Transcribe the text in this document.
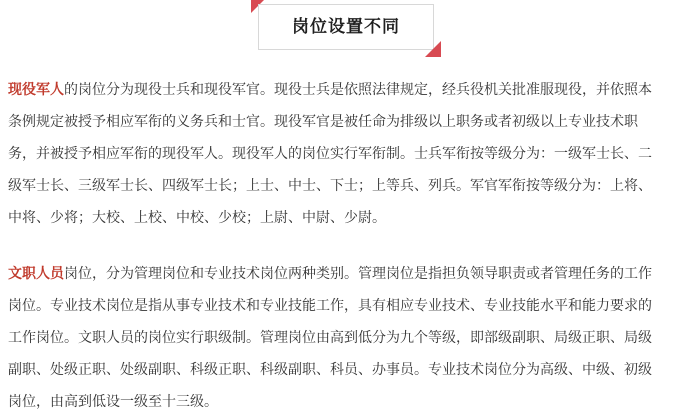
岗位设置不同
现役军人的岗位分为现役士兵和现役军官。现役士兵是依照法律规定，经兵役机关批准服现役，并依照本
条例规定被授予相应军衔的义务兵和士官。现役军官是被任命为排级以上职务或者初级以上专业技术职
务，并被授予相应军衔的现役军人。现役军人的岗位实行军衔制。士兵军衔按等级分为：一级军士长、二
级军士长、三级军士长、四级军士长；上士、中士、下士；上等兵、列兵。军官军衔按等级分为：上将、
中将、少将；大校、上校、中校、少校；上尉、中尉、少尉。
文职人员岗位，分为管理岗位和专业技术岗位两种类别。管理岗位是指担负领导职责或者管理任务的工作
岗位。专业技术岗位是指从事专业技术和专业技能工作，具有相应专业技术、专业技能水平和能力要求的
工作岗位。文职人员的岗位实行职级制。管理岗位由高到低分为九个等级，即部级副职、局级正职、局级
副职、处级正职、处级副职、科级正职、科级副职、科员、办事员。专业技术岗位分为高级、中级、初级
岗位，由高到低设一级至十三级。
